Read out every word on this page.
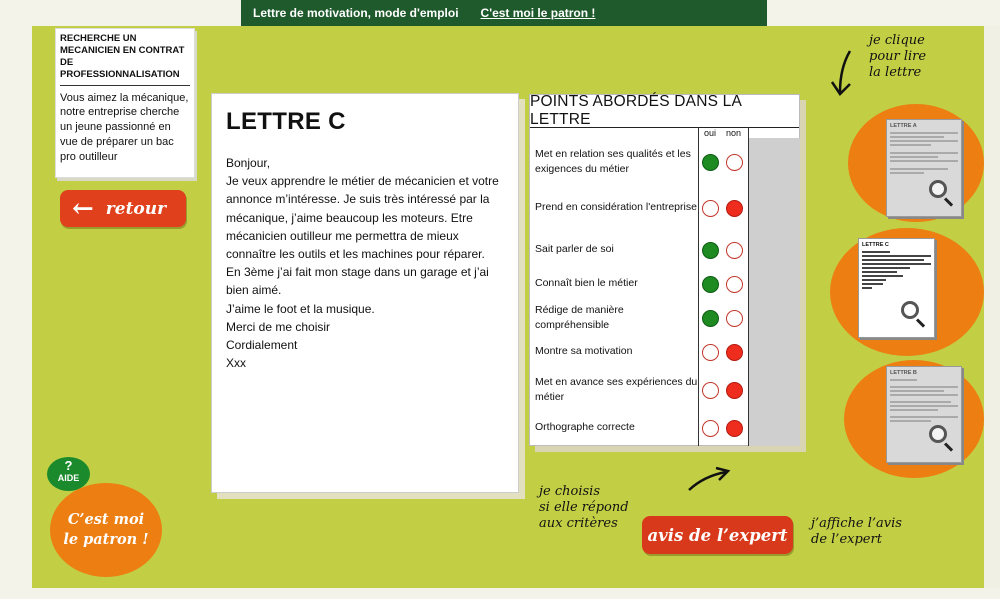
Lettre de motivation, mode d'emploi C'est moi le patron !
RECHERCHE UN MECANICIEN EN CONTRAT DE PROFESSIONNALISATION
Vous aimez la mécanique, notre entreprise cherche un jeune passionné en vue de préparer un bac pro outilleur
← retour
LETTRE C

Bonjour,

Je veux apprendre le métier de mécanicien et votre annonce m’intéresse. Je suis très intéressé par la mécanique, j’aime beaucoup les moteurs. Etre mécanicien outilleur me permettra de mieux connaître les outils et les machines pour réparer.

En 3ème j’ai fait mon stage dans un garage et j’ai bien aimé.

J’aime le foot et la musique.

Merci de me choisir

Cordialement

Xxx

POINTS ABORDÉS DANS LA LETTRE
oui non
Met en relation ses qualités et les exigences du métier
Prend en considération l'entreprise
Sait parler de soi
Connaît bien le métier
Rédige de manière compréhensible
Montre sa motivation
Met en avance ses expériences du métier
Orthographe correcte
je choisis
si elle répond
aux critères
avis de l’expert
j’affiche l’avis
de l’expert
je clique
pour lire
la lettre
LETTRE A
LETTRE C
LETTRE B
?
AIDE
C’est moi
le patron !
